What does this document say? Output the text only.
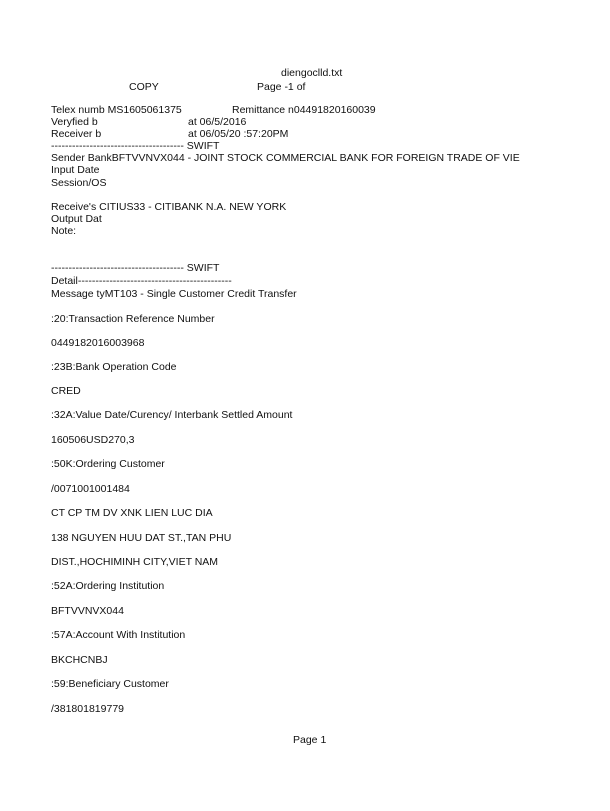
diengoclld.txt
COPY	Page -1 of
Telex numb MS1605061375	Remittance n04491820160039
Veryfied b	at 06/5/2016
Receiver b	at 06/05/20 :57:20PM
-------------------------------------- SWIFT
Sender BankBFTVVNVX044 - JOINT STOCK COMMERCIAL BANK FOR FOREIGN TRADE OF VIE
Input Date
Session/OS
Receive's CITIUS33 - CITIBANK N.A. NEW YORK
Output Dat
Note:
-------------------------------------- SWIFT
Detail--------------------------------------------
Message tyMT103 - Single Customer Credit Transfer
:20:Transaction Reference Number
0449182016003968
:23B:Bank Operation Code
CRED
:32A:Value Date/Curency/ Interbank Settled Amount
160506USD270,3
:50K:Ordering Customer
/0071001001484
CT CP TM DV XNK LIEN LUC DIA
138 NGUYEN HUU DAT ST.,TAN PHU
DIST.,HOCHIMINH CITY,VIET NAM
:52A:Ordering Institution
BFTVVNVX044
:57A:Account With Institution
BKCHCNBJ
:59:Beneficiary Customer
/381801819779
Page 1
